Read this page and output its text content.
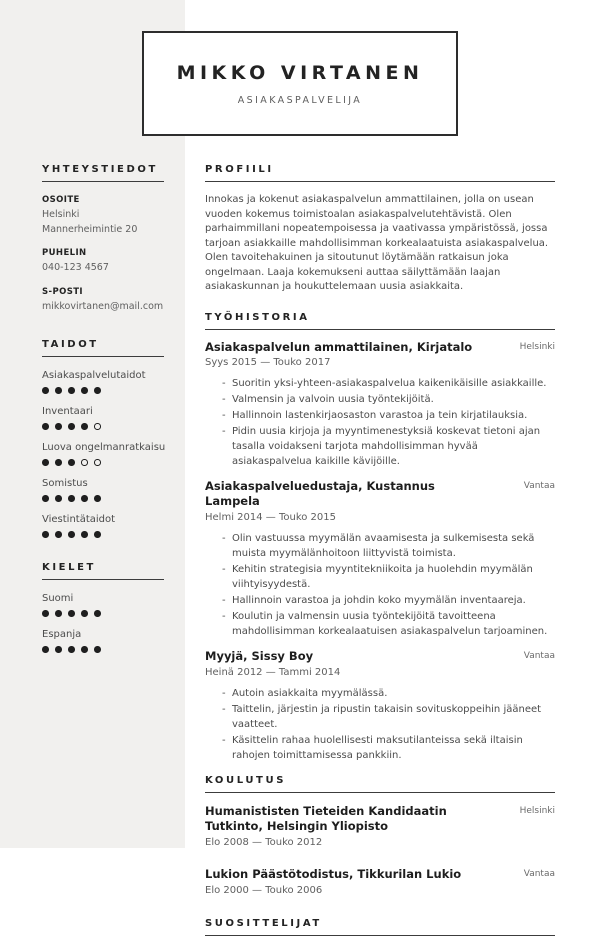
MIKKO VIRTANEN
ASIAKASPALVELIJA
YHTEYSTIEDOT
OSOITE
Helsinki
Mannerheimintie 20
PUHELIN
040-123 4567
S-POSTI
mikkovirtanen@mail.com
TAIDOT
Asiakaspalvelutaidot
Inventaari
Luova ongelmanratkaisu
Somistus
Viestintätaidot
KIELET
Suomi
Espanja
PROFIILI

Innokas ja kokenut asiakaspalvelun ammattilainen, jolla on usean vuoden kokemus toimistoalan asiakaspalvelutehtävistä. Olen parhaimmillani nopeatempoisessa ja vaativassa ympäristössä, jossa tarjoan asiakkaille mahdollisimman korkealaatuista asiakaspalvelua. Olen tavoitehakuinen ja sitoutunut löytämään ratkaisun joka ongelmaan. Laaja kokemukseni auttaa säilyttämään laajan asiakaskunnan ja houkuttelemaan uusia asiakkaita.

TYÖHISTORIA
Asiakaspalvelun ammattilainen, Kirjatalo	Helsinki
Syys 2015 — Touko 2017
- Suoritin yksi-yhteen-asiakaspalvelua kaikenikäisille asiakkaille.
- Valmensin ja valvoin uusia työntekijöitä.
- Hallinnoin lastenkirjaosaston varastoa ja tein kirjatilauksia.
- Pidin uusia kirjoja ja myyntimenestyksiä koskevat tietoni ajan tasalla voidakseni tarjota mahdollisimman hyvää asiakaspalvelua kaikille kävijöille.
Asiakaspalveluedustaja, Kustannus Lampela
Vantaa
Helmi 2014 — Touko 2015
- Olin vastuussa myymälän avaamisesta ja sulkemisesta sekä muista myymälänhoitoon liittyvistä toimista.
- Kehitin strategisia myyntitekniikoita ja huolehdin myymälän viihtyisyydestä.
- Hallinnoin varastoa ja johdin koko myymälän inventaareja.
- Koulutin ja valmensin uusia työntekijöitä tavoitteena mahdollisimman korkealaatuisen asiakaspalvelun tarjoaminen.
Myyjä, Sissy Boy	Vantaa
Heinä 2012 — Tammi 2014
- Autoin asiakkaita myymälässä.
- Taittelin, järjestin ja ripustin takaisin sovituskoppeihin jääneet vaatteet.
- Käsittelin rahaa huolellisesti maksutilanteissa sekä iltaisin rahojen toimittamisessa pankkiin.
KOULUTUS
Humanististen Tieteiden Kandidaatin Tutkinto, Helsingin Yliopisto
Helsinki
Elo 2008 — Touko 2012
Lukion Päästötodistus, Tikkurilan Lukio	Vantaa
Elo 2000 — Touko 2006
SUOSITTELIJAT
